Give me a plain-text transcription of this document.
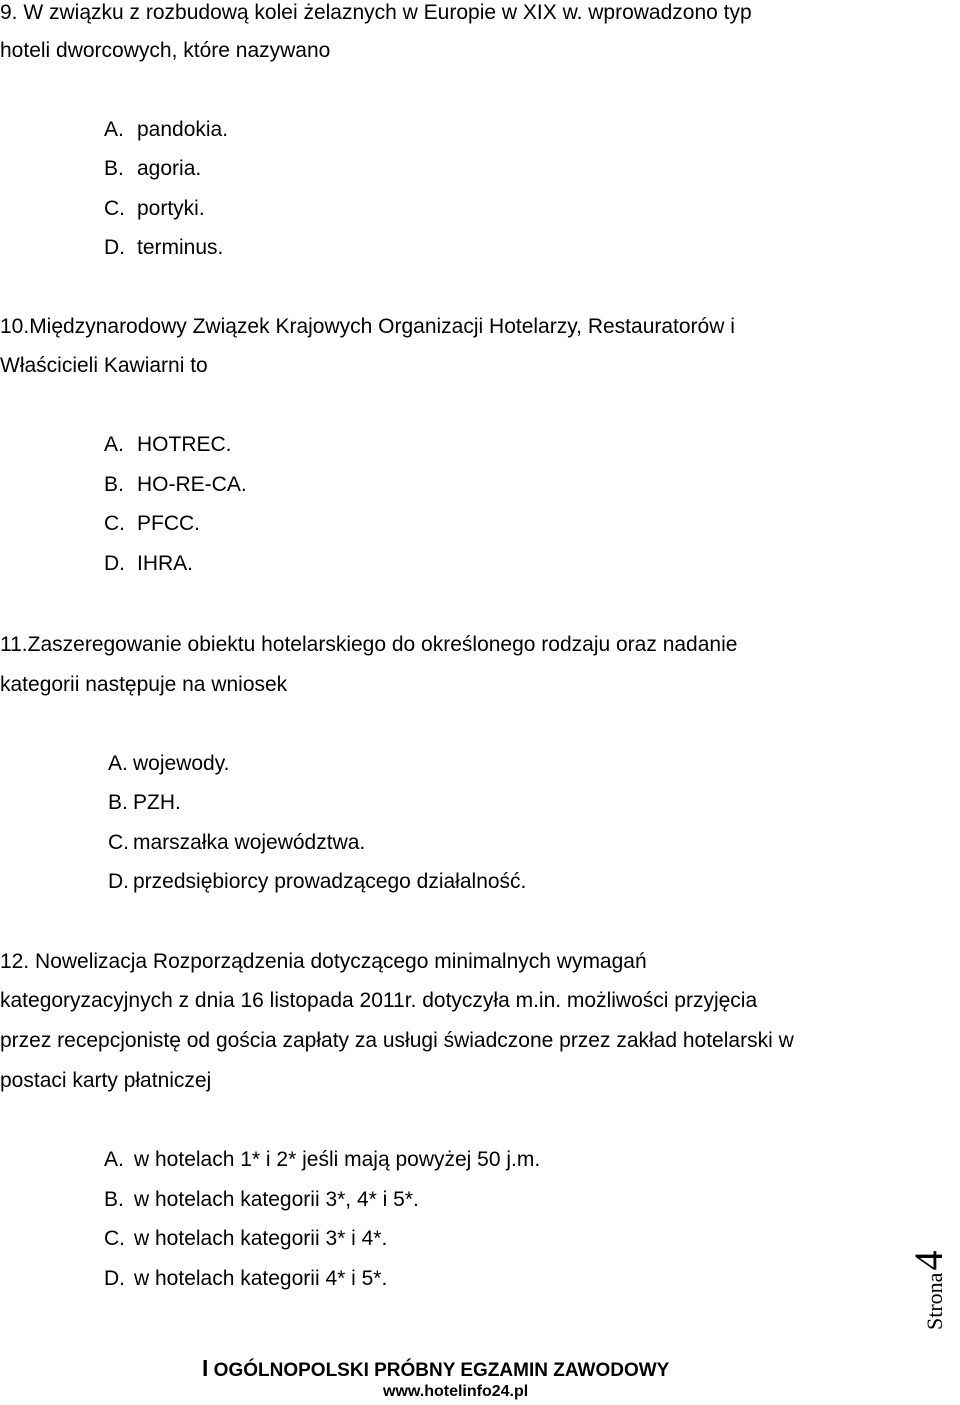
9. W związku z rozbudową kolei żelaznych w Europie w XIX w. wprowadzono typ
hoteli dworcowych, które nazywano
A. pandokia.
B. agoria.
C. portyki.
D. terminus.
10.Międzynarodowy Związek Krajowych Organizacji Hotelarzy, Restauratorów i
Właścicieli Kawiarni to
A. HOTREC.
B. HO-RE-CA.
C. PFCC.
D. IHRA.
11.Zaszeregowanie obiektu hotelarskiego do określonego rodzaju oraz nadanie
kategorii następuje na wniosek
A. wojewody.
B. PZH.
C. marszałka województwa.
D. przedsiębiorcy prowadzącego działalność.
12. Nowelizacja Rozporządzenia dotyczącego minimalnych wymagań
kategoryzacyjnych z dnia 16 listopada 2011r. dotyczyła m.in. możliwości przyjęcia
przez recepcjonistę od gościa zapłaty za usługi świadczone przez zakład hotelarski w
postaci karty płatniczej
A. w hotelach 1* i 2* jeśli mają powyżej 50 j.m.
B. w hotelach kategorii 3*, 4* i 5*.
C. w hotelach kategorii 3* i 4*.
D. w hotelach kategorii 4* i 5*.	Strona4
I OGÓLNOPOLSKI PRÓBNY EGZAMIN ZAWODOWY
www.hotelinfo24.pl
